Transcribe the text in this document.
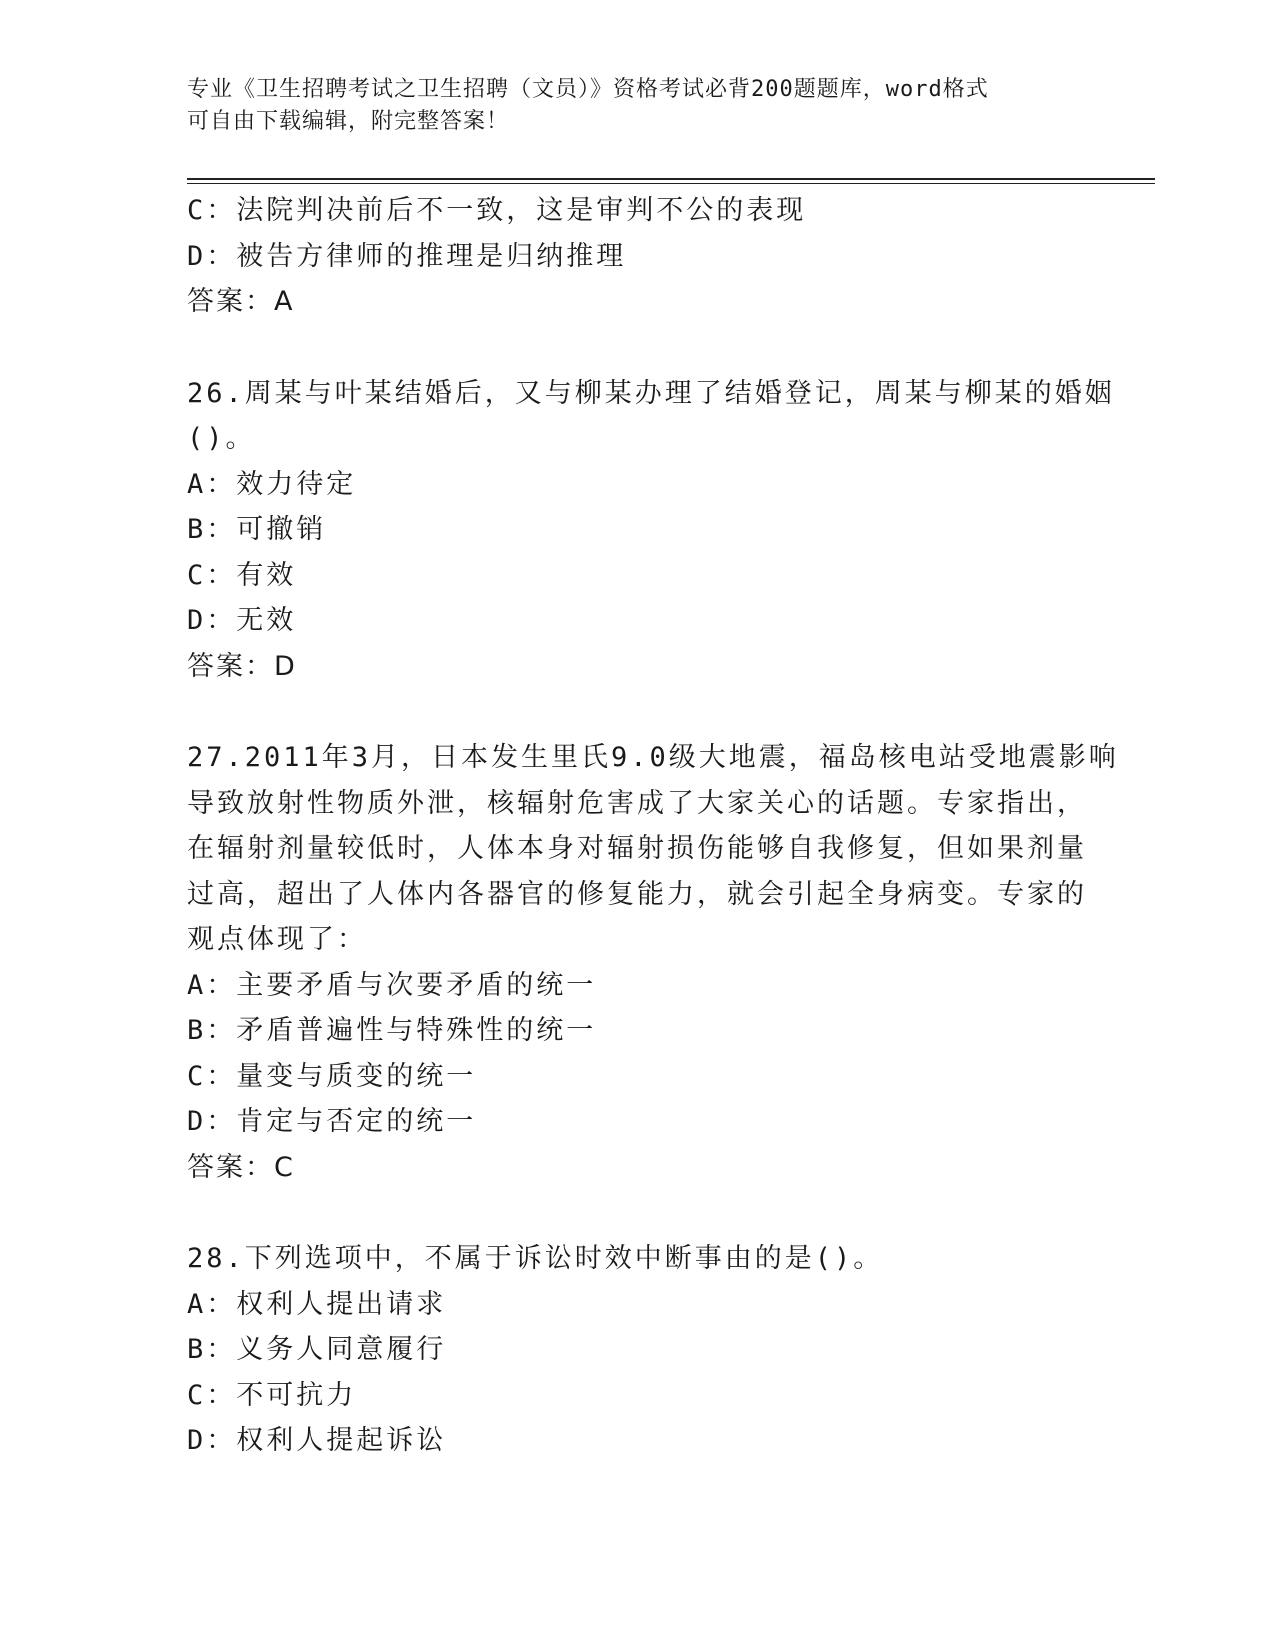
专业《卫生招聘考试之卫生招聘（文员）》资格考试必背200题题库，word格式
可自由下载编辑，附完整答案！
C：法院判决前后不一致，这是审判不公的表现
D：被告方律师的推理是归纳推理
答案：A
26.周某与叶某结婚后，又与柳某办理了结婚登记，周某与柳某的婚姻
()。
A：效力待定
B：可撤销
C：有效
D：无效
答案：D
27.2011年3月，日本发生里氏9.0级大地震，福岛核电站受地震影响
导致放射性物质外泄，核辐射危害成了大家关心的话题。专家指出，
在辐射剂量较低时，人体本身对辐射损伤能够自我修复，但如果剂量
过高，超出了人体内各器官的修复能力，就会引起全身病变。专家的
观点体现了：
A：主要矛盾与次要矛盾的统一
B：矛盾普遍性与特殊性的统一
C：量变与质变的统一
D：肯定与否定的统一
答案：C
28.下列选项中，不属于诉讼时效中断事由的是()。
A：权利人提出请求
B：义务人同意履行
C：不可抗力
D：权利人提起诉讼
